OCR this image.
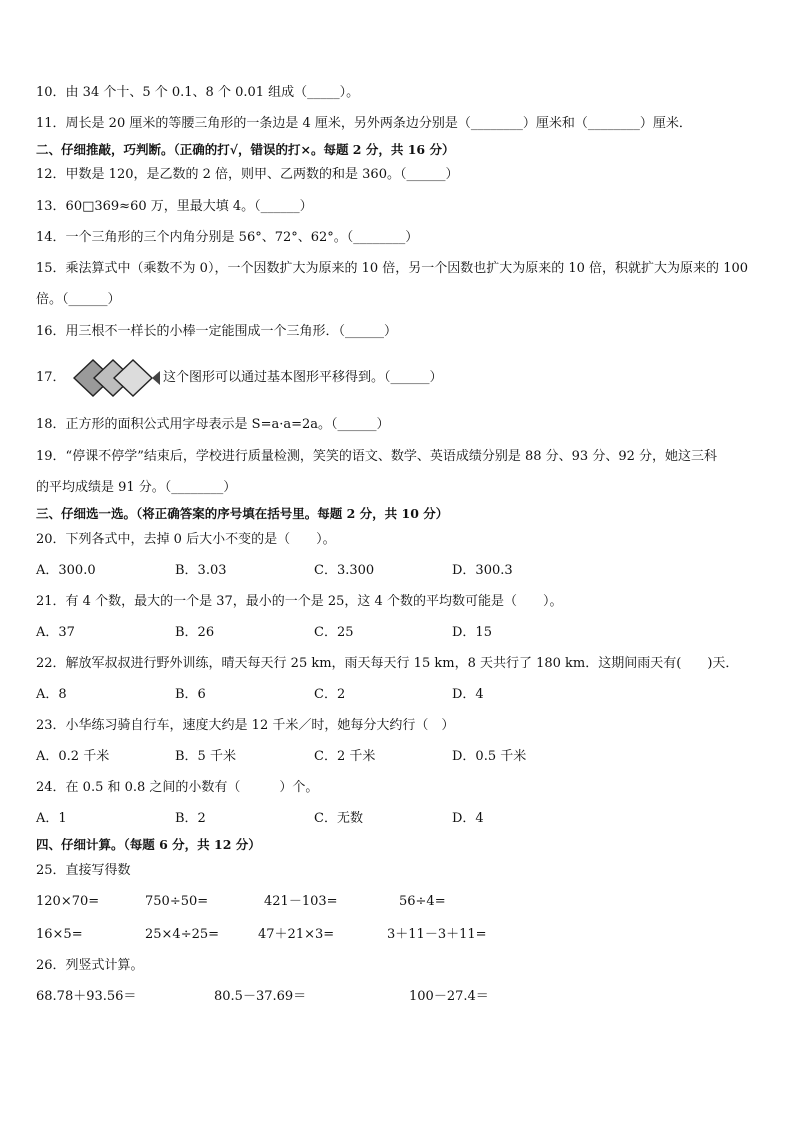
10．由 34 个十、5 个 0.1、8 个 0.01 组成（_____）。
11．周长是 20 厘米的等腰三角形的一条边是 4 厘米，另外两条边分别是（________）厘米和（________）厘米．
二、仔细推敲，巧判断。（正确的打√，错误的打×。每题 2 分，共 16 分）
12．甲数是 120，是乙数的 2 倍，则甲、乙两数的和是 360。（______）
13．60□369≈60 万，里最大填 4。（______）
14．一个三角形的三个内角分别是 56°、72°、62°。（________）
15．乘法算式中（乘数不为 0），一个因数扩大为原来的 10 倍，另一个因数也扩大为原来的 10 倍，积就扩大为原来的 100
倍。（______）
16．用三根不一样长的小棒一定能围成一个三角形．（______）
17．	这个图形可以通过基本图形平移得到。（______）
18．正方形的面积公式用字母表示是 S=a·a=2a。（______）
19．“停课不停学”结束后，学校进行质量检测，笑笑的语文、数学、英语成绩分别是 88 分、93 分、92 分，她这三科
的平均成绩是 91 分。（________）
三、仔细选一选。（将正确答案的序号填在括号里。每题 2 分，共 10 分）
20．下列各式中，去掉 0 后大小不变的是（　　）。
A．300.0	B．3.03	C．3.300	D．300.3
21．有 4 个数，最大的一个是 37，最小的一个是 25，这 4 个数的平均数可能是（　　）。
A．37	B．26	C．25	D．15
22．解放军叔叔进行野外训练，晴天每天行 25 km，雨天每天行 15 km，8 天共行了 180 km．这期间雨天有(　　)天．
A．8	B．6	C．2	D．4
23．小华练习骑自行车，速度大约是 12 千米／时，她每分大约行（　）
A．0.2 千米	B．5 千米	C．2 千米	D．0.5 千米
24．在 0.5 和 0.8 之间的小数有（　　　）个。
A．1	B．2	C．无数	D．4
四、仔细计算。（每题 6 分，共 12 分）
25．直接写得数
120×70=	750÷50=	421－103=	56÷4=
16×5=	25×4÷25=	47＋21×3=	3＋11－3＋11=
26．列竖式计算。
68.78＋93.56＝	80.5－37.69＝	100－27.4＝
